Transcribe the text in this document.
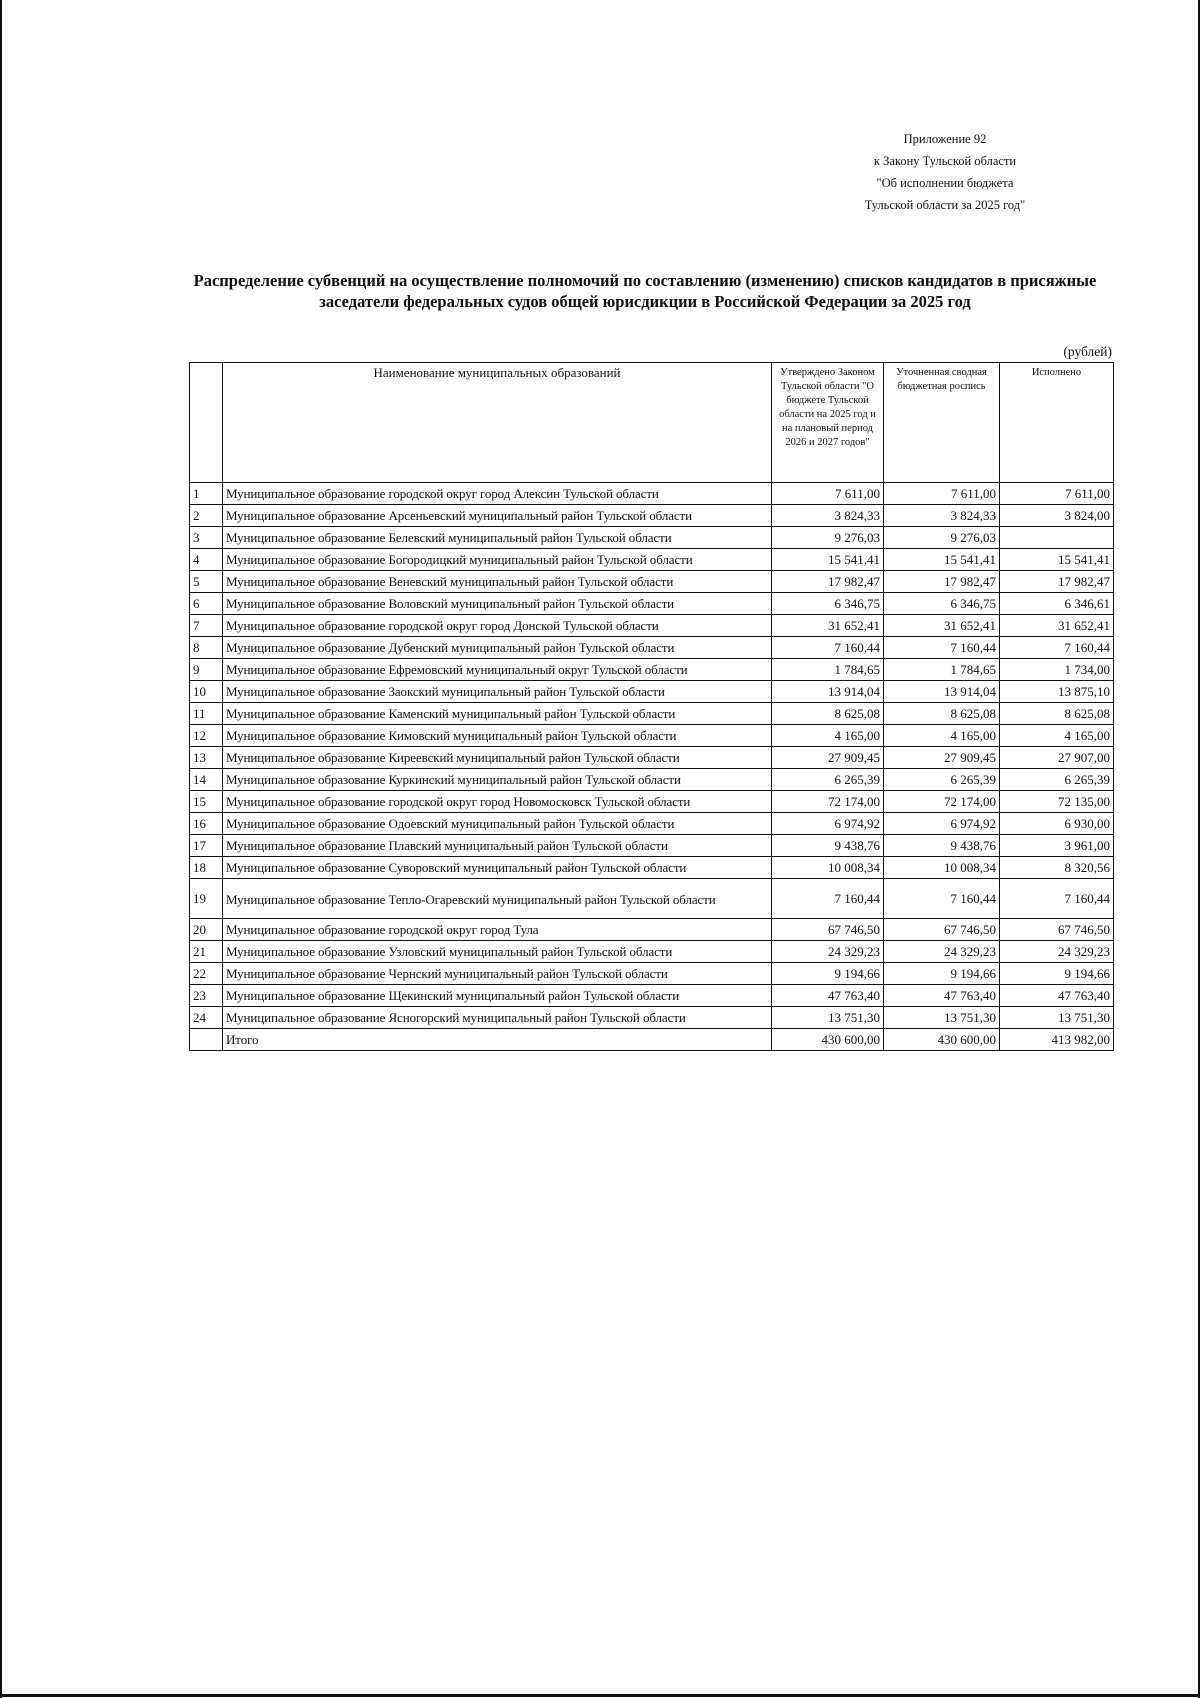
Приложение 92
к Закону Тульской области
"Об исполнении бюджета
Тульской области за 2025 год"
Распределение субвенций на осуществление полномочий по составлению (изменению) списков кандидатов в присяжные заседатели федеральных судов общей юрисдикции в Российской Федерации за 2025 год
(рублей)
	Наименование муниципальных образований	Утверждено Законом Тульской области "О бюджете Тульской области на 2025 год и на плановый период 2026 и 2027 годов"	Уточненная сводная бюджетная роспись	Исполнено
1	Муниципальное образование городской округ город Алексин Тульской области	7 611,00	7 611,00	7 611,00
2	Муниципальное образование Арсеньевский муниципальный район Тульской области	3 824,33	3 824,33	3 824,00
3	Муниципальное образование Белевский муниципальный район Тульской области	9 276,03	9 276,03	
4	Муниципальное образование Богородицкий муниципальный район Тульской области	15 541,41	15 541,41	15 541,41
5	Муниципальное образование Веневский муниципальный район Тульской области	17 982,47	17 982,47	17 982,47
6	Муниципальное образование Воловский муниципальный район Тульской области	6 346,75	6 346,75	6 346,61
7	Муниципальное образование городской округ город Донской Тульской области	31 652,41	31 652,41	31 652,41
8	Муниципальное образование Дубенский муниципальный район Тульской области	7 160,44	7 160,44	7 160,44
9	Муниципальное образование Ефремовский муниципальный округ Тульской области	1 784,65	1 784,65	1 734,00
10	Муниципальное образование Заокский муниципальный район Тульской области	13 914,04	13 914,04	13 875,10
11	Муниципальное образование Каменский муниципальный район Тульской области	8 625,08	8 625,08	8 625,08
12	Муниципальное образование Кимовский муниципальный район Тульской области	4 165,00	4 165,00	4 165,00
13	Муниципальное образование Киреевский муниципальный район Тульской области	27 909,45	27 909,45	27 907,00
14	Муниципальное образование Куркинский муниципальный район Тульской области	6 265,39	6 265,39	6 265,39
15	Муниципальное образование городской округ город Новомосковск Тульской области	72 174,00	72 174,00	72 135,00
16	Муниципальное образование Одоевский муниципальный район Тульской области	6 974,92	6 974,92	6 930,00
17	Муниципальное образование Плавский муниципальный район Тульской области	9 438,76	9 438,76	3 961,00
18	Муниципальное образование Суворовский муниципальный район Тульской области	10 008,34	10 008,34	8 320,56
19	Муниципальное образование Тепло-Огаревский муниципальный район Тульской области	7 160,44	7 160,44	7 160,44
20	Муниципальное образование городской округ город Тула	67 746,50	67 746,50	67 746,50
21	Муниципальное образование Узловский муниципальный район Тульской области	24 329,23	24 329,23	24 329,23
22	Муниципальное образование Чернский муниципальный район Тульской области	9 194,66	9 194,66	9 194,66
23	Муниципальное образование Щекинский муниципальный район Тульской области	47 763,40	47 763,40	47 763,40
24	Муниципальное образование Ясногорский муниципальный район Тульской области	13 751,30	13 751,30	13 751,30
	Итого	430 600,00	430 600,00	413 982,00
